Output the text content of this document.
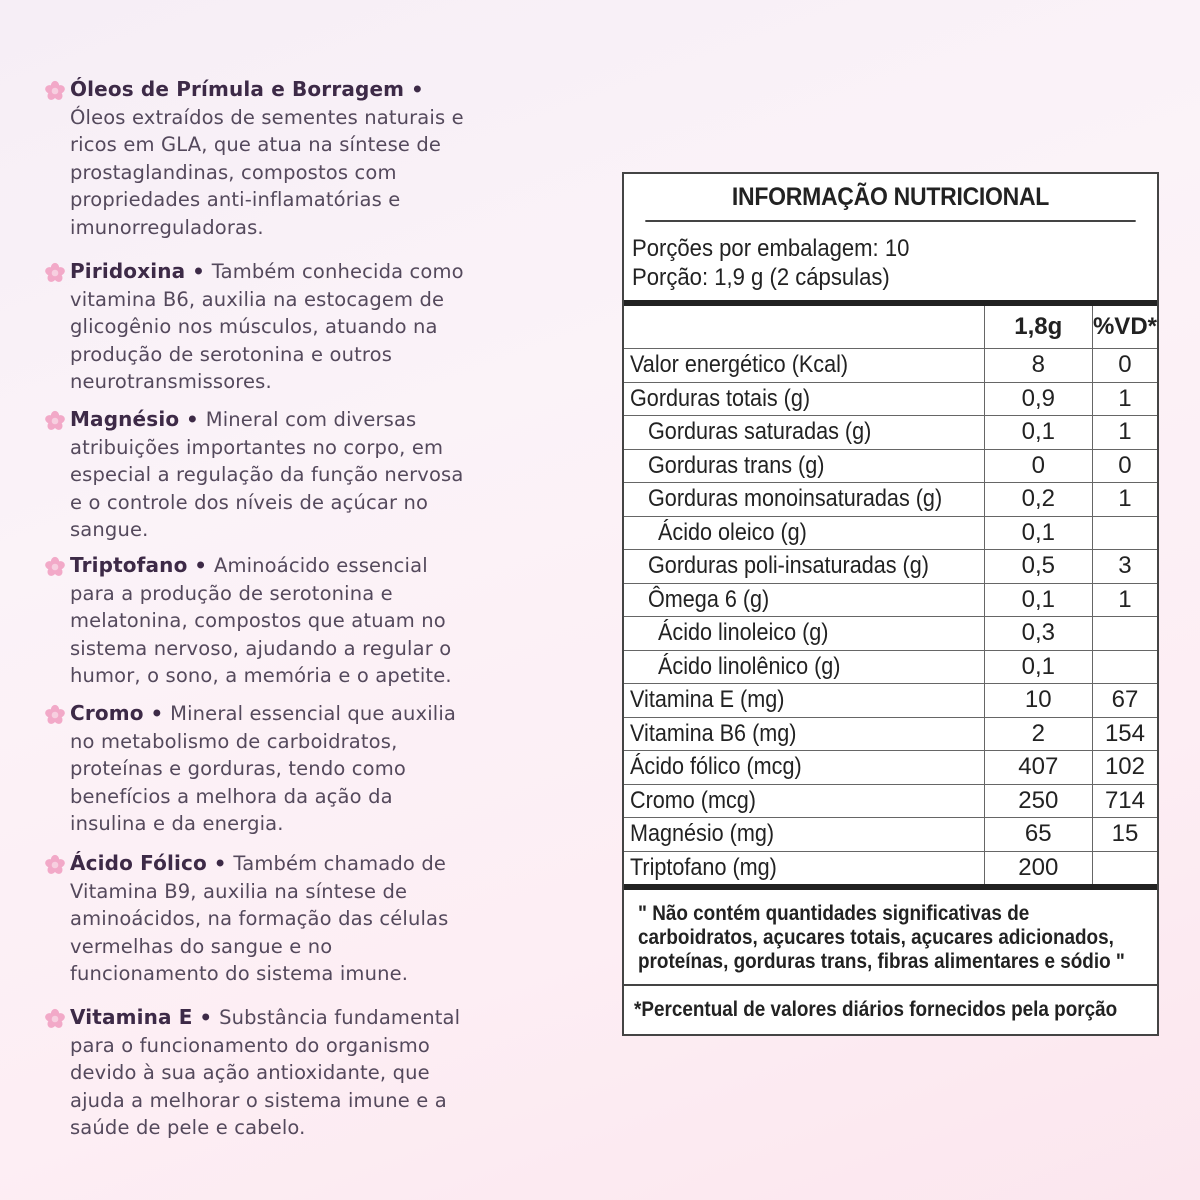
INFORMAÇÃO NUTRICIONAL
Porções por embalagem: 10
Porção: 1,9 g (2 cápsulas)
	1,8g	%VD*
Valor energético (Kcal)	8	0
Gorduras totais (g)	0,9	1
Gorduras saturadas (g)	0,1	1
Gorduras trans (g)	0	0
Gorduras monoinsaturadas (g)	0,2	1
Ácido oleico (g)	0,1	
Gorduras poli-insaturadas (g)	0,5	3
Ômega 6 (g)	0,1	1
Ácido linoleico (g)	0,3	
Ácido linolênico (g)	0,1	
Vitamina E (mg)	10	67
Vitamina B6 (mg)	2	154
Ácido fólico (mcg)	407	102
Cromo (mcg)	250	714
Magnésio (mg)	65	15
Triptofano (mg)	200	
" Não contém quantidades significativas de
carboidratos, açucares totais, açucares adicionados,
proteínas, gorduras trans, fibras alimentares e sódio "
*Percentual de valores diários fornecidos pela porção

Óleos de Prímula e Borragem •

Óleos extraídos de sementes naturais e

ricos em GLA, que atua na síntese de

prostaglandinas, compostos com

propriedades anti-inflamatórias e

imunorreguladoras.

Piridoxina • Também conhecida como

vitamina B6, auxilia na estocagem de

glicogênio nos músculos, atuando na

produção de serotonina e outros

neurotransmissores.

Magnésio • Mineral com diversas

atribuições importantes no corpo, em

especial a regulação da função nervosa

e o controle dos níveis de açúcar no

sangue.

Triptofano • Aminoácido essencial

para a produção de serotonina e

melatonina, compostos que atuam no

sistema nervoso, ajudando a regular o

humor, o sono, a memória e o apetite.

Cromo • Mineral essencial que auxilia

no metabolismo de carboidratos,

proteínas e gorduras, tendo como

benefícios a melhora da ação da

insulina e da energia.

Ácido Fólico • Também chamado de

Vitamina B9, auxilia na síntese de

aminoácidos, na formação das células

vermelhas do sangue e no

funcionamento do sistema imune.

Vitamina E • Substância fundamental

para o funcionamento do organismo

devido à sua ação antioxidante, que

ajuda a melhorar o sistema imune e a

saúde de pele e cabelo.
